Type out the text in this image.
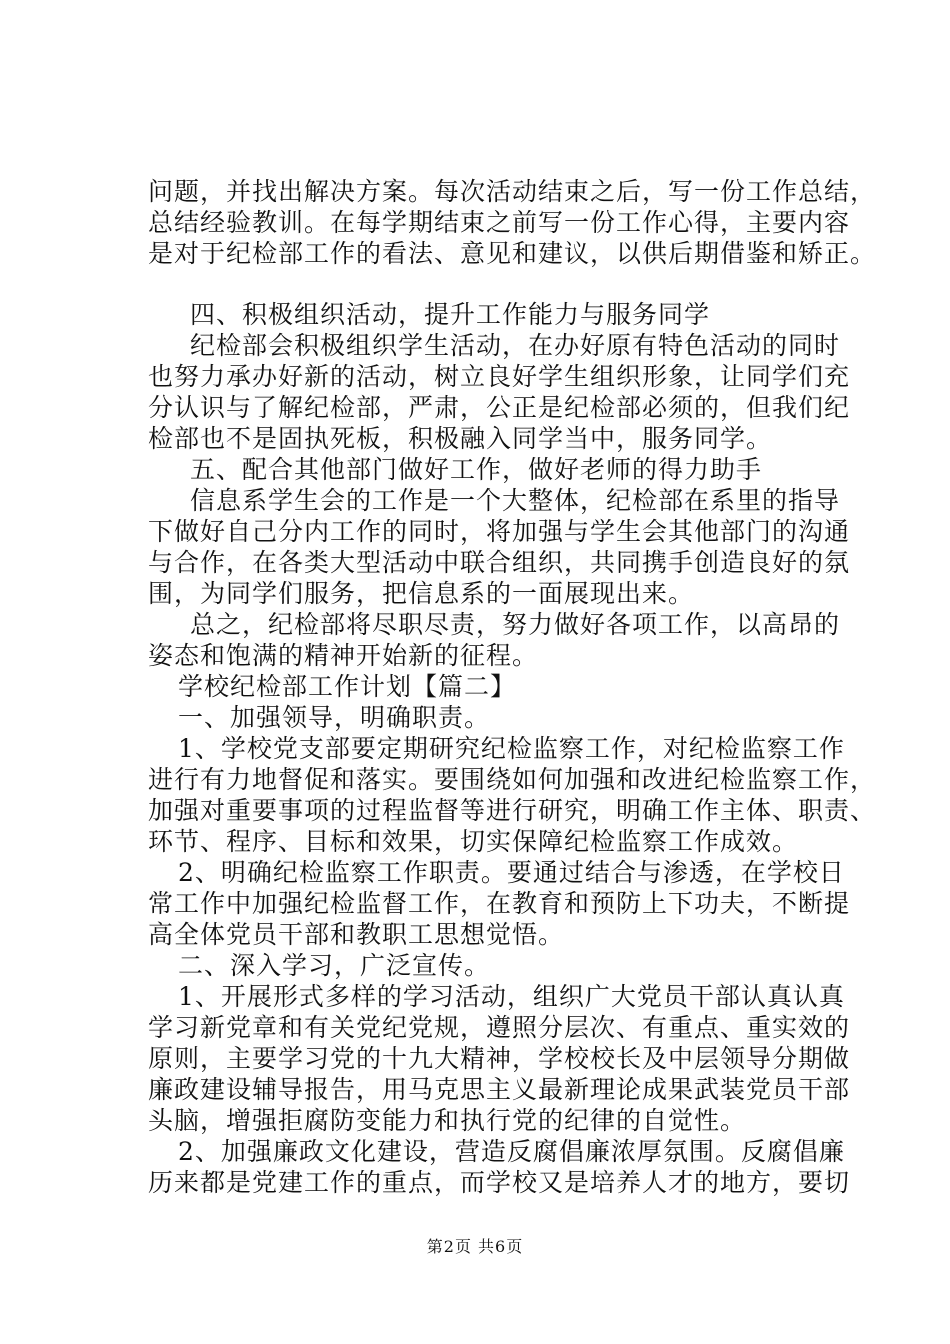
问题，并找出解决方案。每次活动结束之后，写一份工作总结，
总结经验教训。在每学期结束之前写一份工作心得，主要内容
是对于纪检部工作的看法、意见和建议，以供后期借鉴和矫正。
四、积极组织活动，提升工作能力与服务同学
纪检部会积极组织学生活动，在办好原有特色活动的同时
也努力承办好新的活动，树立良好学生组织形象，让同学们充
分认识与了解纪检部，严肃，公正是纪检部必须的，但我们纪
检部也不是固执死板，积极融入同学当中，服务同学。
五、配合其他部门做好工作，做好老师的得力助手
信息系学生会的工作是一个大整体，纪检部在系里的指导
下做好自己分内工作的同时，将加强与学生会其他部门的沟通
与合作，在各类大型活动中联合组织，共同携手创造良好的氛
围，为同学们服务，把信息系的一面展现出来。
总之，纪检部将尽职尽责，努力做好各项工作，以高昂的
姿态和饱满的精神开始新的征程。
学校纪检部工作计划【篇二】
一、加强领导，明确职责。
1、学校党支部要定期研究纪检监察工作，对纪检监察工作
进行有力地督促和落实。要围绕如何加强和改进纪检监察工作，
加强对重要事项的过程监督等进行研究，明确工作主体、职责、
环节、程序、目标和效果，切实保障纪检监察工作成效。
2、明确纪检监察工作职责。要通过结合与渗透，在学校日
常工作中加强纪检监督工作，在教育和预防上下功夫，不断提
高全体党员干部和教职工思想觉悟。
二、深入学习，广泛宣传。
1、开展形式多样的学习活动，组织广大党员干部认真认真
学习新党章和有关党纪党规，遵照分层次、有重点、重实效的
原则，主要学习党的十九大精神，学校校长及中层领导分期做
廉政建设辅导报告，用马克思主义最新理论成果武装党员干部
头脑，增强拒腐防变能力和执行党的纪律的自觉性。
2、加强廉政文化建设，营造反腐倡廉浓厚氛围。反腐倡廉
历来都是党建工作的重点，而学校又是培养人才的地方，要切
第2页 共6页
